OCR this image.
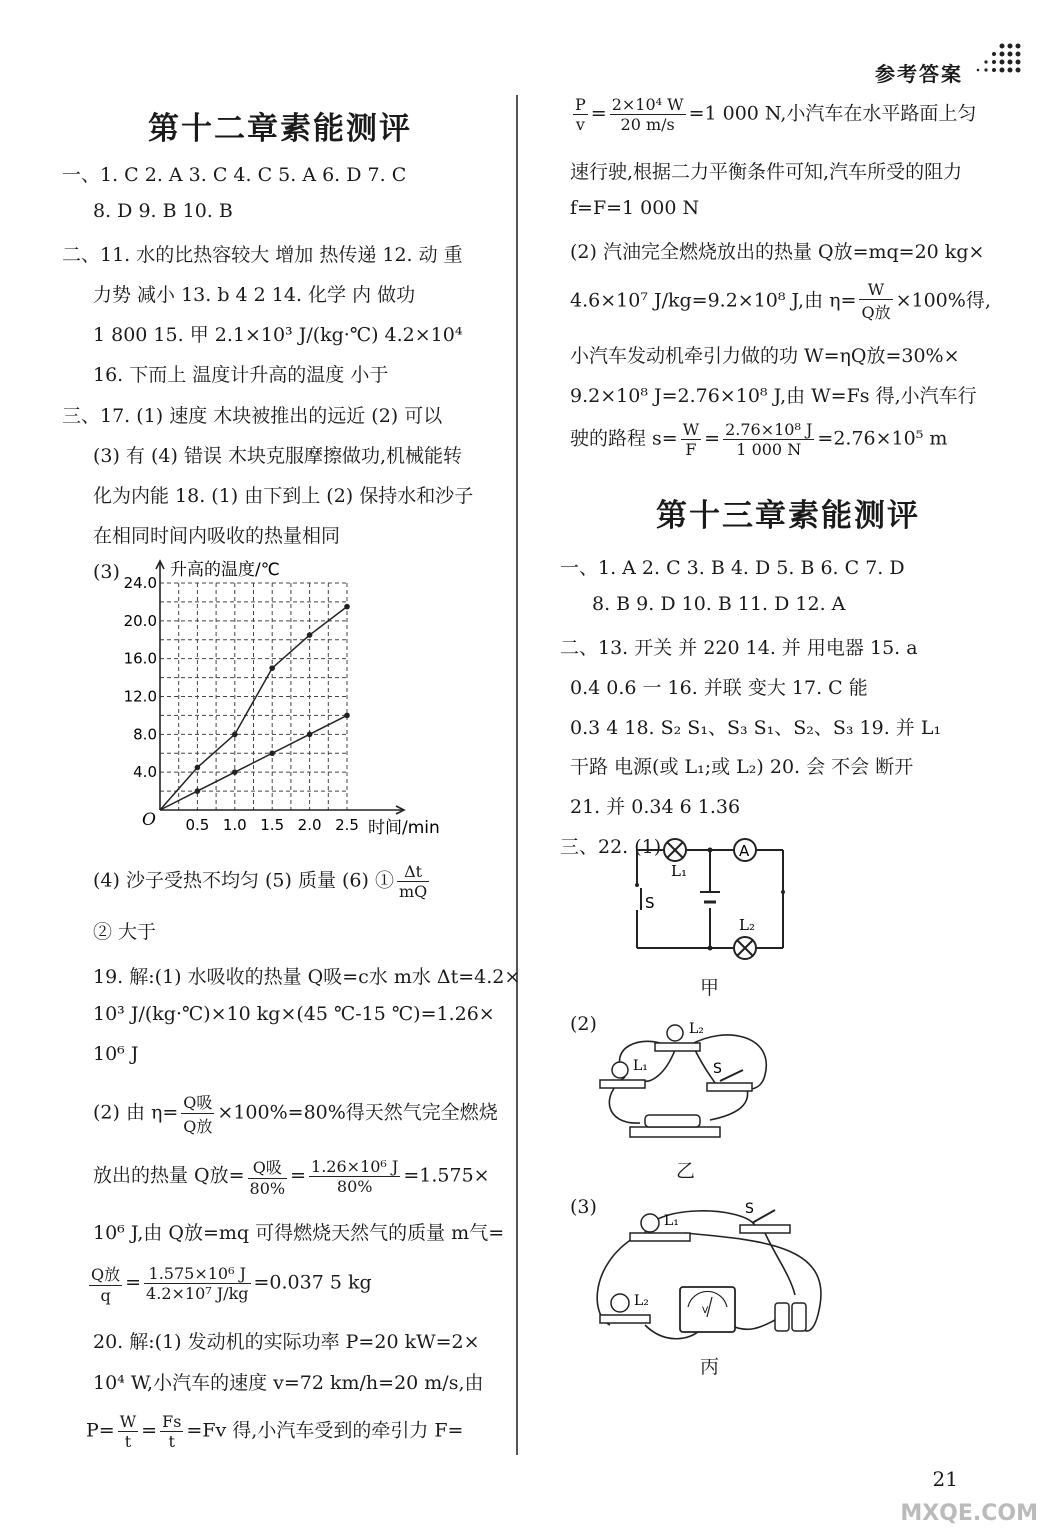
参考答案
第十二章素能测评
一、1. C 2. A 3. C 4. C 5. A 6. D 7. C
8. D 9. B 10. B
二、11. 水的比热容较大 增加 热传递 12. 动 重
力势 减小 13. b 4 2 14. 化学 内 做功
1 800 15. 甲 2.1×10³ J/(kg·℃) 4.2×10⁴
16. 下而上 温度计升高的温度 小于
三、17. (1) 速度 木块被推出的远近 (2) 可以
(3) 有 (4) 错误 木块克服摩擦做功,机械能转
化为内能 18. (1) 由下到上 (2) 保持水和沙子
在相同时间内吸收的热量相同
(3)
0.5 1.0 1.5 2.0 2.5
4.0
8.0
12.0
16.0
20.0
24.0
升高的温度/℃
时间/min
O
(4) 沙子受热不均匀 (5) 质量 (6) ① $\frac{\Delta t}{mQ}$
② 大于
19. 解:(1) 水吸收的热量 Q吸=c水 m水 Δt=4.2×
10³ J/(kg·℃)×10 kg×(45 ℃-15 ℃)=1.26×
10⁶ J
(2) 由 $\eta= \frac{\text{Q吸}}{\text{Q放}} \times 100\%=80\%$得天然气完全燃烧
放出的热量 Q放= $\frac{\text{Q吸}}{80\%} = \frac{\text{1.26×10⁶ J}}{80\%} =1.575\times$
10⁶ J,由 Q放=mq 可得燃烧天然气的质量 m气=
$\frac{\text{Q放}}{q} = \frac{\text{1.575×10⁶ J}}{\text{4.2×10⁷ J/kg}} =0.037$ 5 kg
20. 解:(1) 发动机的实际功率 P=20 kW=2×
10⁴ W,小汽车的速度 v=72 km/h=20 m/s,由
$P= \frac{W}{t} = \frac{Fs}{t} =Fv$ 得,小汽车受到的牵引力 F=
$\frac{P}{v} = \frac{\text{2×10⁴ W}}{20 m/s} =1$ 000 N,小汽车在水平路面上匀
速行驶,根据二力平衡条件可知,汽车所受的阻力
f=F=1 000 N
(2) 汽油完全燃烧放出的热量 Q放=mq=20 kg×
4.6×10⁷ J/kg=9.2×10⁸ J,由 $\eta= \frac{W}{\text{Q放}} \times 100\%$得,
小汽车发动机牵引力做的功 W=ηQ放=30%×
9.2×10⁸ J=2.76×10⁸ J,由 W=Fs 得,小汽车行
驶的路程 $s= \frac{W}{F} = \frac{\text{2.76×10⁸ J}}{1 000 N} =2.76\times 10^5$ m
第十三章素能测评
一、1. A 2. C 3. B 4. D 5. B 6. C 7. D
8. B 9. D 10. B 11. D 12. A
二、13. 开关 并 220 14. 并 用电器 15. a
0.4 0.6 一 16. 并联 变大 17. C 能
0.3 4 18. S₂ S₁、S₃ S₁、S₂、S₃ 19. 并 L₁
干路 电源(或 L₁;或 L₂) 20. 会 不会 断开
21. 并 0.34 6 1.36
三、22. (1)	A
L₁
L₂
S
甲
(2)	L₂
L₁	S
乙
(3)
L₁
S
L₂
V
丙
21
MXQE.COM
